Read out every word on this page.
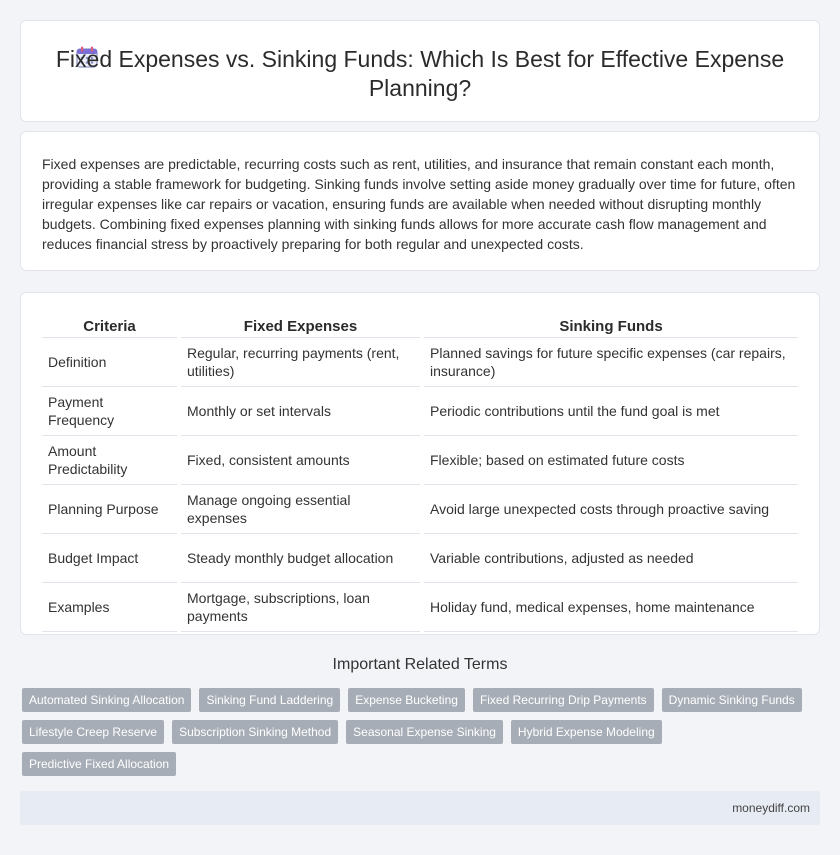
Fixed Expenses vs. Sinking Funds: Which Is Best for Effective Expense Planning?

Fixed expenses are predictable, recurring costs such as rent, utilities, and insurance that remain constant each month, providing a stable framework for budgeting. Sinking funds involve setting aside money gradually over time for future, often irregular expenses like car repairs or vacation, ensuring funds are available when needed without disrupting monthly budgets. Combining fixed expenses planning with sinking funds allows for more accurate cash flow management and reduces financial stress by proactively preparing for both regular and unexpected costs.

Criteria	Fixed Expenses	Sinking Funds
Definition	Regular, recurring payments (rent, utilities)	Planned savings for future specific expenses (car repairs, insurance)
Payment Frequency	Monthly or set intervals	Periodic contributions until the fund goal is met
Amount Predictability	Fixed, consistent amounts	Flexible; based on estimated future costs
Planning Purpose	Manage ongoing essential expenses	Avoid large unexpected costs through proactive saving
Budget Impact	Steady monthly budget allocation	Variable contributions, adjusted as needed
Examples	Mortgage, subscriptions, loan payments	Holiday fund, medical expenses, home maintenance
Important Related Terms
Automated Sinking Allocation	Sinking Fund Laddering	Expense Bucketing	Fixed Recurring Drip Payments	Dynamic Sinking Funds
Lifestyle Creep Reserve	Subscription Sinking Method	Seasonal Expense Sinking	Hybrid Expense Modeling
Predictive Fixed Allocation
moneydiff.com
